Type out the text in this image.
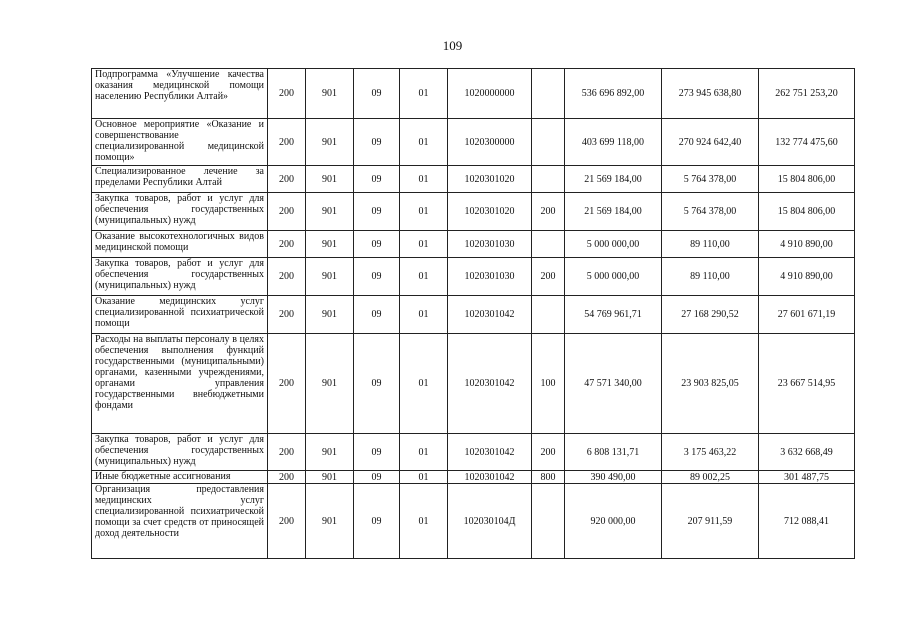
109
Подпрограмма «Улучшение качества оказания медицинской помощи населению Республики Алтай»	200	901	09	01	1020000000		536 696 892,00	273 945 638,80	262 751 253,20
Основное мероприятие «Оказание и совершенствование специализированной медицинской помощи»	200	901	09	01	1020300000		403 699 118,00	270 924 642,40	132 774 475,60
Специализированное лечение за пределами Республики Алтай	200	901	09	01	1020301020		21 569 184,00	5 764 378,00	15 804 806,00
Закупка товаров, работ и услуг для обеспечения государственных (муниципальных) нужд	200	901	09	01	1020301020	200	21 569 184,00	5 764 378,00	15 804 806,00
Оказание высокотехнологичных видов медицинской помощи	200	901	09	01	1020301030		5 000 000,00	89 110,00	4 910 890,00
Закупка товаров, работ и услуг для обеспечения государственных (муниципальных) нужд	200	901	09	01	1020301030	200	5 000 000,00	89 110,00	4 910 890,00
Оказание медицинских услуг специализированной психиатрической помощи	200	901	09	01	1020301042		54 769 961,71	27 168 290,52	27 601 671,19
Расходы на выплаты персоналу в целях обеспечения выполнения функций государственными (муниципальными) органами, казенными учреждениями, органами управления государственными внебюджетными фондами	200	901	09	01	1020301042	100	47 571 340,00	23 903 825,05	23 667 514,95
Закупка товаров, работ и услуг для обеспечения государственных (муниципальных) нужд	200	901	09	01	1020301042	200	6 808 131,71	3 175 463,22	3 632 668,49
Иные бюджетные ассигнования	200	901	09	01	1020301042	800	390 490,00	89 002,25	301 487,75
Организация предоставления медицинских услуг специализированной психиатрической помощи за счет средств от приносящей доход деятельности	200	901	09	01	102030104Д		920 000,00	207 911,59	712 088,41
